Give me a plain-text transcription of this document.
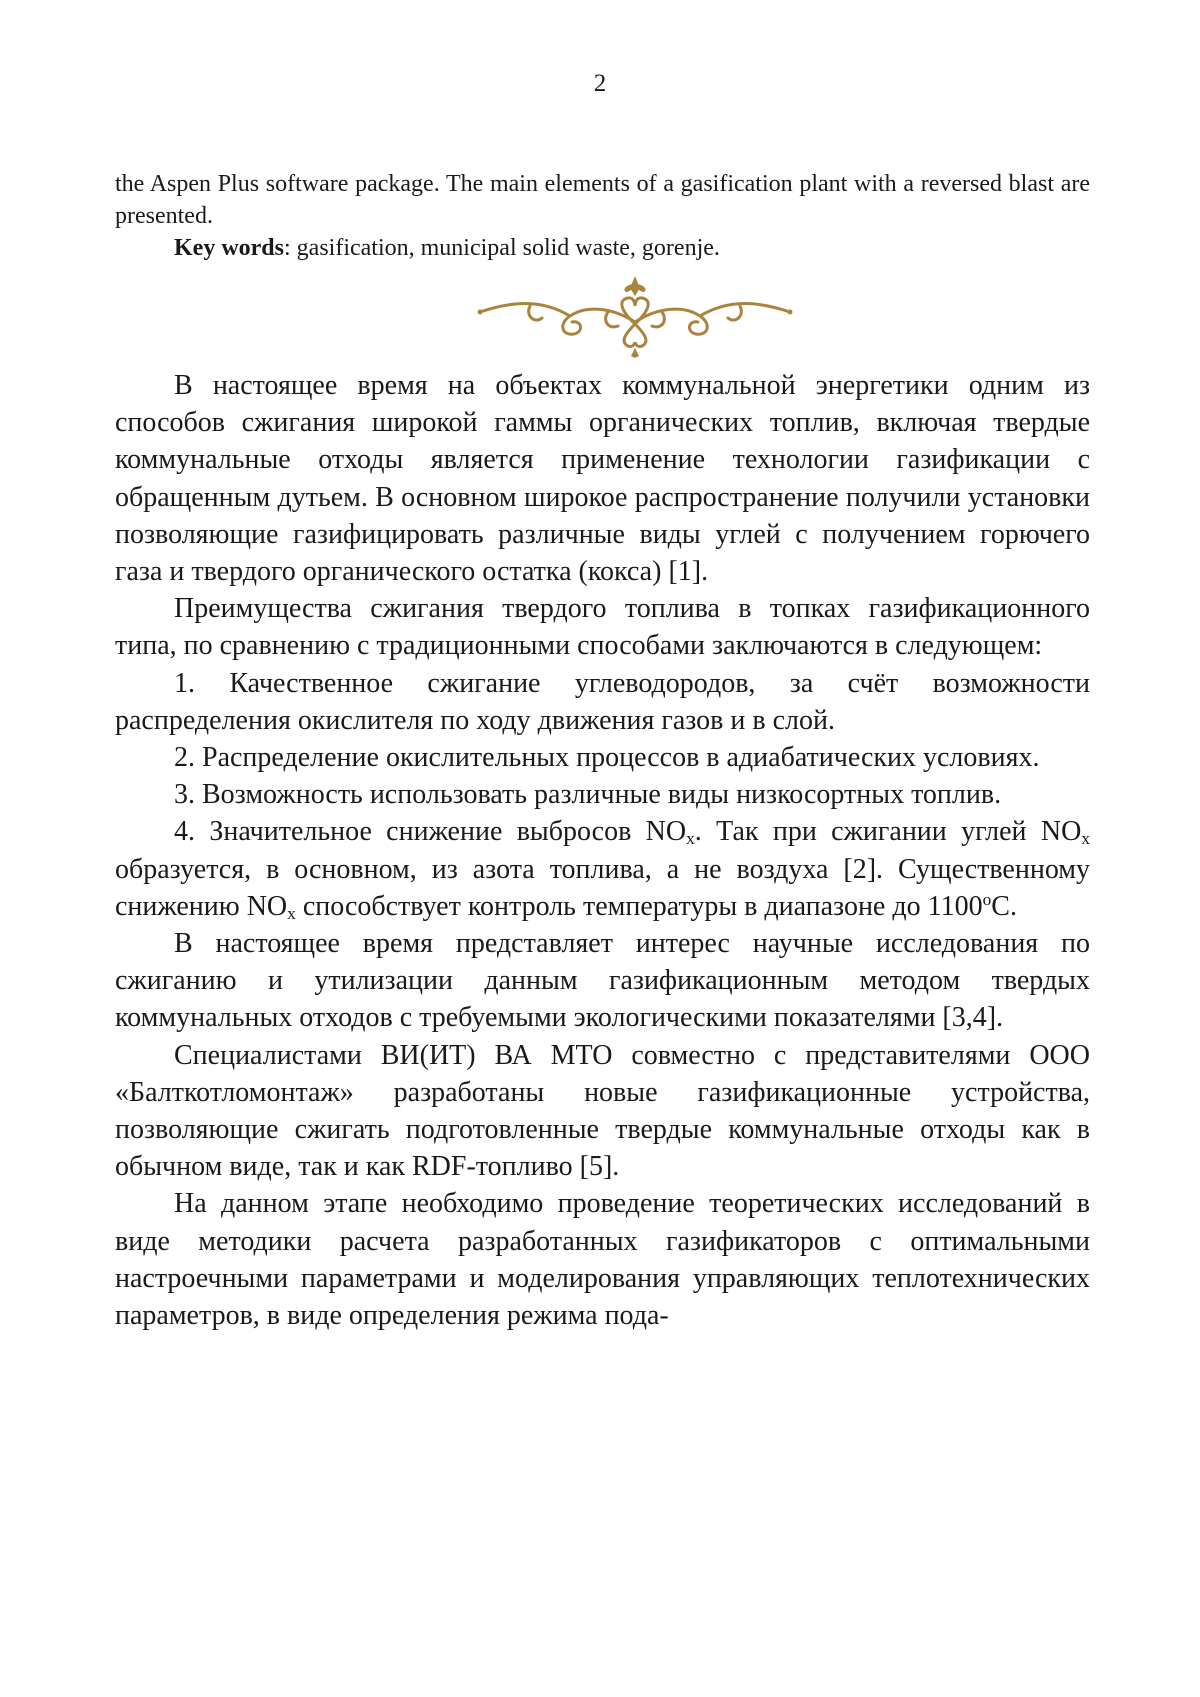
2

the Aspen Plus software package. The main elements of a gasification plant with a reversed blast are presented.

Key words: gasification, municipal solid waste, gorenje.

В настоящее время на объектах коммунальной энергетики одним из способов сжигания широкой гаммы органических топлив, включая твердые коммунальные отходы является применение технологии газификации с обращенным дутьем. В основном широкое распространение получили установки позволяющие газифицировать различные виды углей с получением горючего газа и твердого органического остатка (кокса) [1].

Преимущества сжигания твердого топлива в топках газификационного типа, по сравнению с традиционными способами заключаются в следующем:

1. Качественное сжигание углеводородов, за счёт возможности распределения окислителя по ходу движения газов и в слой.

2. Распределение окислительных процессов в адиабатических условиях.

3. Возможность использовать различные виды низкосортных топлив.

4. Значительное снижение выбросов $NO_x$. Так при сжигании углей $NO_x$ образуется, в основном, из азота топлива, а не воздуха [2]. Существенному снижению $NO_x$ способствует контроль температуры в диапазоне до 1100$^o$С.

В настоящее время представляет интерес научные исследования по сжиганию и утилизации данным газификационным методом твердых коммунальных отходов с требуемыми экологическими показателями [3,4].

Специалистами ВИ(ИТ) ВА МТО совместно с представителями ООО «Балткотломонтаж» разработаны новые газификационные устройства, позволяющие сжигать подготовленные твердые коммунальные отходы как в обычном виде, так и как RDF-топливо [5].

На данном этапе необходимо проведение теоретических исследований в виде методики расчета разработанных газификаторов с оптимальными настроечными параметрами и моделирования управляющих теплотехнических параметров, в виде определения режима пода-
